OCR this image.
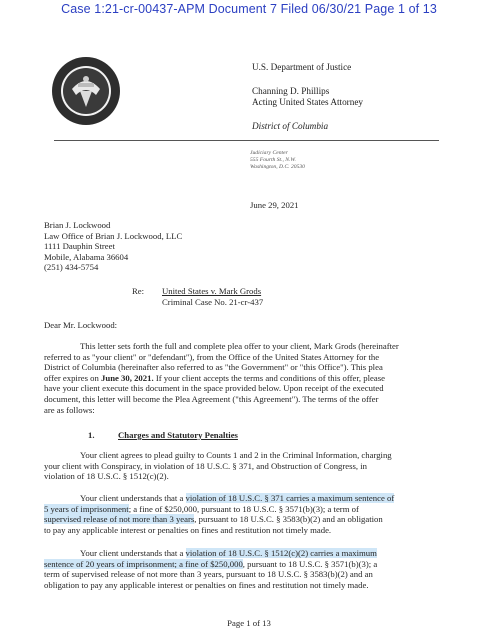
Case 1:21-cr-00437-APM Document 7 Filed 06/30/21 Page 1 of 13
U.S. Department of Justice
Channing D. Phillips
Acting United States Attorney
District of Columbia
Judiciary Center
555 Fourth St., N.W.
Washington, D.C. 20530
June 29, 2021
Brian J. Lockwood
Law Office of Brian J. Lockwood, LLC
1111 Dauphin Street
Mobile, Alabama 36604
(251) 434-5754
Re: United States v. Mark Grods
Criminal Case No. 21-cr-437
Dear Mr. Lockwood:
This letter sets forth the full and complete plea offer to your client, Mark Grods (hereinafter
referred to as "your client" or "defendant"), from the Office of the United States Attorney for the
District of Columbia (hereinafter also referred to as "the Government" or "this Office"). This plea
offer expires on June 30, 2021. If your client accepts the terms and conditions of this offer, please
have your client execute this document in the space provided below. Upon receipt of the executed
document, this letter will become the Plea Agreement ("this Agreement"). The terms of the offer
are as follows:
1.	Charges and Statutory Penalties
Your client agrees to plead guilty to Counts 1 and 2 in the Criminal Information, charging
your client with Conspiracy, in violation of 18 U.S.C. § 371, and Obstruction of Congress, in
violation of 18 U.S.C. § 1512(c)(2).
Your client understands that a violation of 18 U.S.C. § 371 carries a maximum sentence of
5 years of imprisonment; a fine of $250,000, pursuant to 18 U.S.C. § 3571(b)(3); a term of
supervised release of not more than 3 years, pursuant to 18 U.S.C. § 3583(b)(2) and an obligation
to pay any applicable interest or penalties on fines and restitution not timely made.
Your client understands that a violation of 18 U.S.C. § 1512(c)(2) carries a maximum
sentence of 20 years of imprisonment; a fine of $250,000, pursuant to 18 U.S.C. § 3571(b)(3); a
term of supervised release of not more than 3 years, pursuant to 18 U.S.C. § 3583(b)(2) and an
obligation to pay any applicable interest or penalties on fines and restitution not timely made.
Page 1 of 13
